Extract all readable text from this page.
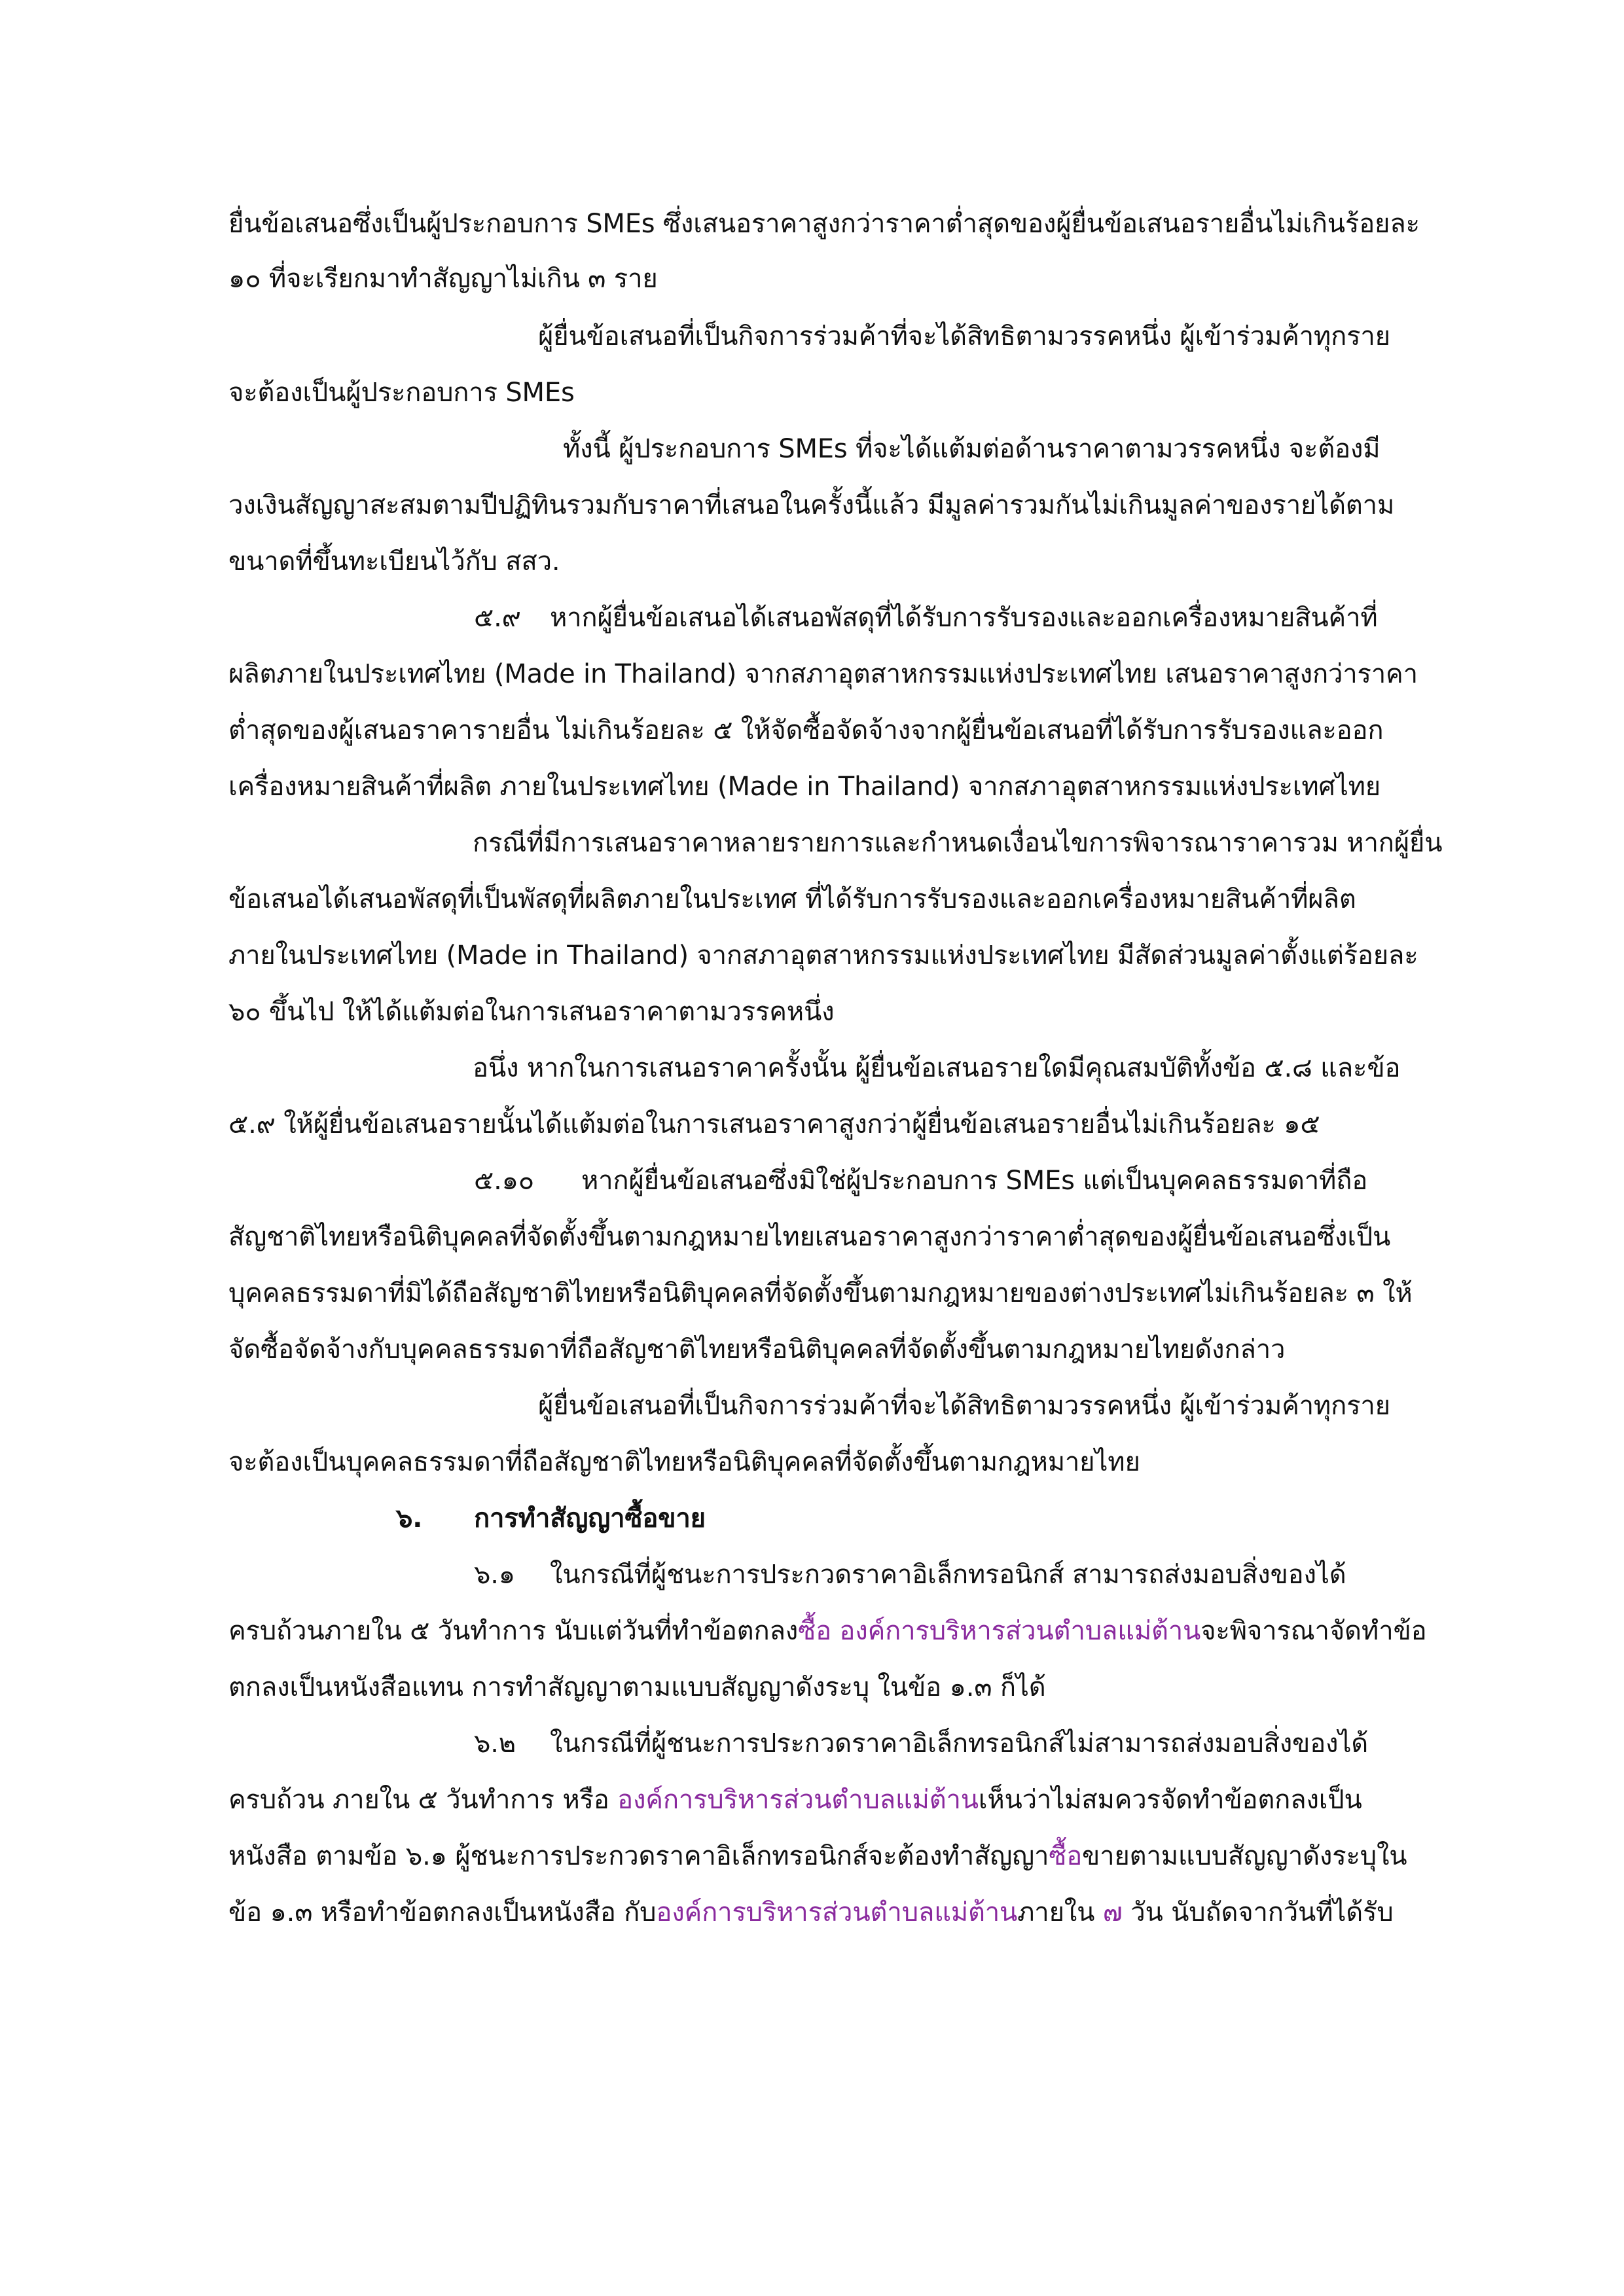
ยื่นข้อเสนอซึ่งเป็นผู้ประกอบการ SMEs ซึ่งเสนอราคาสูงกว่าราคาต่ำสุดของผู้ยื่นข้อเสนอรายอื่นไม่เกินร้อยละ
๑๐ ที่จะเรียกมาทำสัญญาไม่เกิน ๓ ราย
ผู้ยื่นข้อเสนอที่เป็นกิจการร่วมค้าที่จะได้สิทธิตามวรรคหนึ่ง ผู้เข้าร่วมค้าทุกราย
จะต้องเป็นผู้ประกอบการ SMEs
ทั้งนี้ ผู้ประกอบการ SMEs ที่จะได้แต้มต่อด้านราคาตามวรรคหนึ่ง จะต้องมี
วงเงินสัญญาสะสมตามปีปฏิทินรวมกับราคาที่เสนอในครั้งนี้แล้ว มีมูลค่ารวมกันไม่เกินมูลค่าของรายได้ตาม
ขนาดที่ขึ้นทะเบียนไว้กับ สสว.
๕.๙ หากผู้ยื่นข้อเสนอได้เสนอพัสดุที่ได้รับการรับรองและออกเครื่องหมายสินค้าที่
ผลิตภายในประเทศไทย (Made in Thailand) จากสภาอุตสาหกรรมแห่งประเทศไทย เสนอราคาสูงกว่าราคา
ต่ำสุดของผู้เสนอราคารายอื่น ไม่เกินร้อยละ ๕ ให้จัดซื้อจัดจ้างจากผู้ยื่นข้อเสนอที่ได้รับการรับรองและออก
เครื่องหมายสินค้าที่ผลิต ภายในประเทศไทย (Made in Thailand) จากสภาอุตสาหกรรมแห่งประเทศไทย
กรณีที่มีการเสนอราคาหลายรายการและกำหนดเงื่อนไขการพิจารณาราคารวม หากผู้ยื่น
ข้อเสนอได้เสนอพัสดุที่เป็นพัสดุที่ผลิตภายในประเทศ ที่ได้รับการรับรองและออกเครื่องหมายสินค้าที่ผลิต
ภายในประเทศไทย (Made in Thailand) จากสภาอุตสาหกรรมแห่งประเทศไทย มีสัดส่วนมูลค่าตั้งแต่ร้อยละ
๖๐ ขึ้นไป ให้ได้แต้มต่อในการเสนอราคาตามวรรคหนึ่ง
อนึ่ง หากในการเสนอราคาครั้งนั้น ผู้ยื่นข้อเสนอรายใดมีคุณสมบัติทั้งข้อ ๕.๘ และข้อ
๕.๙ ให้ผู้ยื่นข้อเสนอรายนั้นได้แต้มต่อในการเสนอราคาสูงกว่าผู้ยื่นข้อเสนอรายอื่นไม่เกินร้อยละ ๑๕
๕.๑๐ หากผู้ยื่นข้อเสนอซึ่งมิใช่ผู้ประกอบการ SMEs แต่เป็นบุคคลธรรมดาที่ถือ
สัญชาติไทยหรือนิติบุคคลที่จัดตั้งขึ้นตามกฎหมายไทยเสนอราคาสูงกว่าราคาต่ำสุดของผู้ยื่นข้อเสนอซึ่งเป็น
บุคคลธรรมดาที่มิได้ถือสัญชาติไทยหรือนิติบุคคลที่จัดตั้งขึ้นตามกฎหมายของต่างประเทศไม่เกินร้อยละ ๓ ให้
จัดซื้อจัดจ้างกับบุคคลธรรมดาที่ถือสัญชาติไทยหรือนิติบุคคลที่จัดตั้งขึ้นตามกฎหมายไทยดังกล่าว
ผู้ยื่นข้อเสนอที่เป็นกิจการร่วมค้าที่จะได้สิทธิตามวรรคหนึ่ง ผู้เข้าร่วมค้าทุกราย
จะต้องเป็นบุคคลธรรมดาที่ถือสัญชาติไทยหรือนิติบุคคลที่จัดตั้งขึ้นตามกฎหมายไทย
๖. การทำสัญญาซื้อขาย
๖.๑ ในกรณีที่ผู้ชนะการประกวดราคาอิเล็กทรอนิกส์ สามารถส่งมอบสิ่งของได้
ครบถ้วนภายใน ๕ วันทำการ นับแต่วันที่ทำข้อตกลงซื้อ องค์การบริหารส่วนตำบลแม่ต้านจะพิจารณาจัดทำข้อ
ตกลงเป็นหนังสือแทน การทำสัญญาตามแบบสัญญาดังระบุ ในข้อ ๑.๓ ก็ได้
๖.๒ ในกรณีที่ผู้ชนะการประกวดราคาอิเล็กทรอนิกส์ไม่สามารถส่งมอบสิ่งของได้
ครบถ้วน ภายใน ๕ วันทำการ หรือ องค์การบริหารส่วนตำบลแม่ต้านเห็นว่าไม่สมควรจัดทำข้อตกลงเป็น
หนังสือ ตามข้อ ๖.๑ ผู้ชนะการประกวดราคาอิเล็กทรอนิกส์จะต้องทำสัญญาซื้อขายตามแบบสัญญาดังระบุใน
ข้อ ๑.๓ หรือทำข้อตกลงเป็นหนังสือ กับองค์การบริหารส่วนตำบลแม่ต้านภายใน ๗ วัน นับถัดจากวันที่ได้รับ
